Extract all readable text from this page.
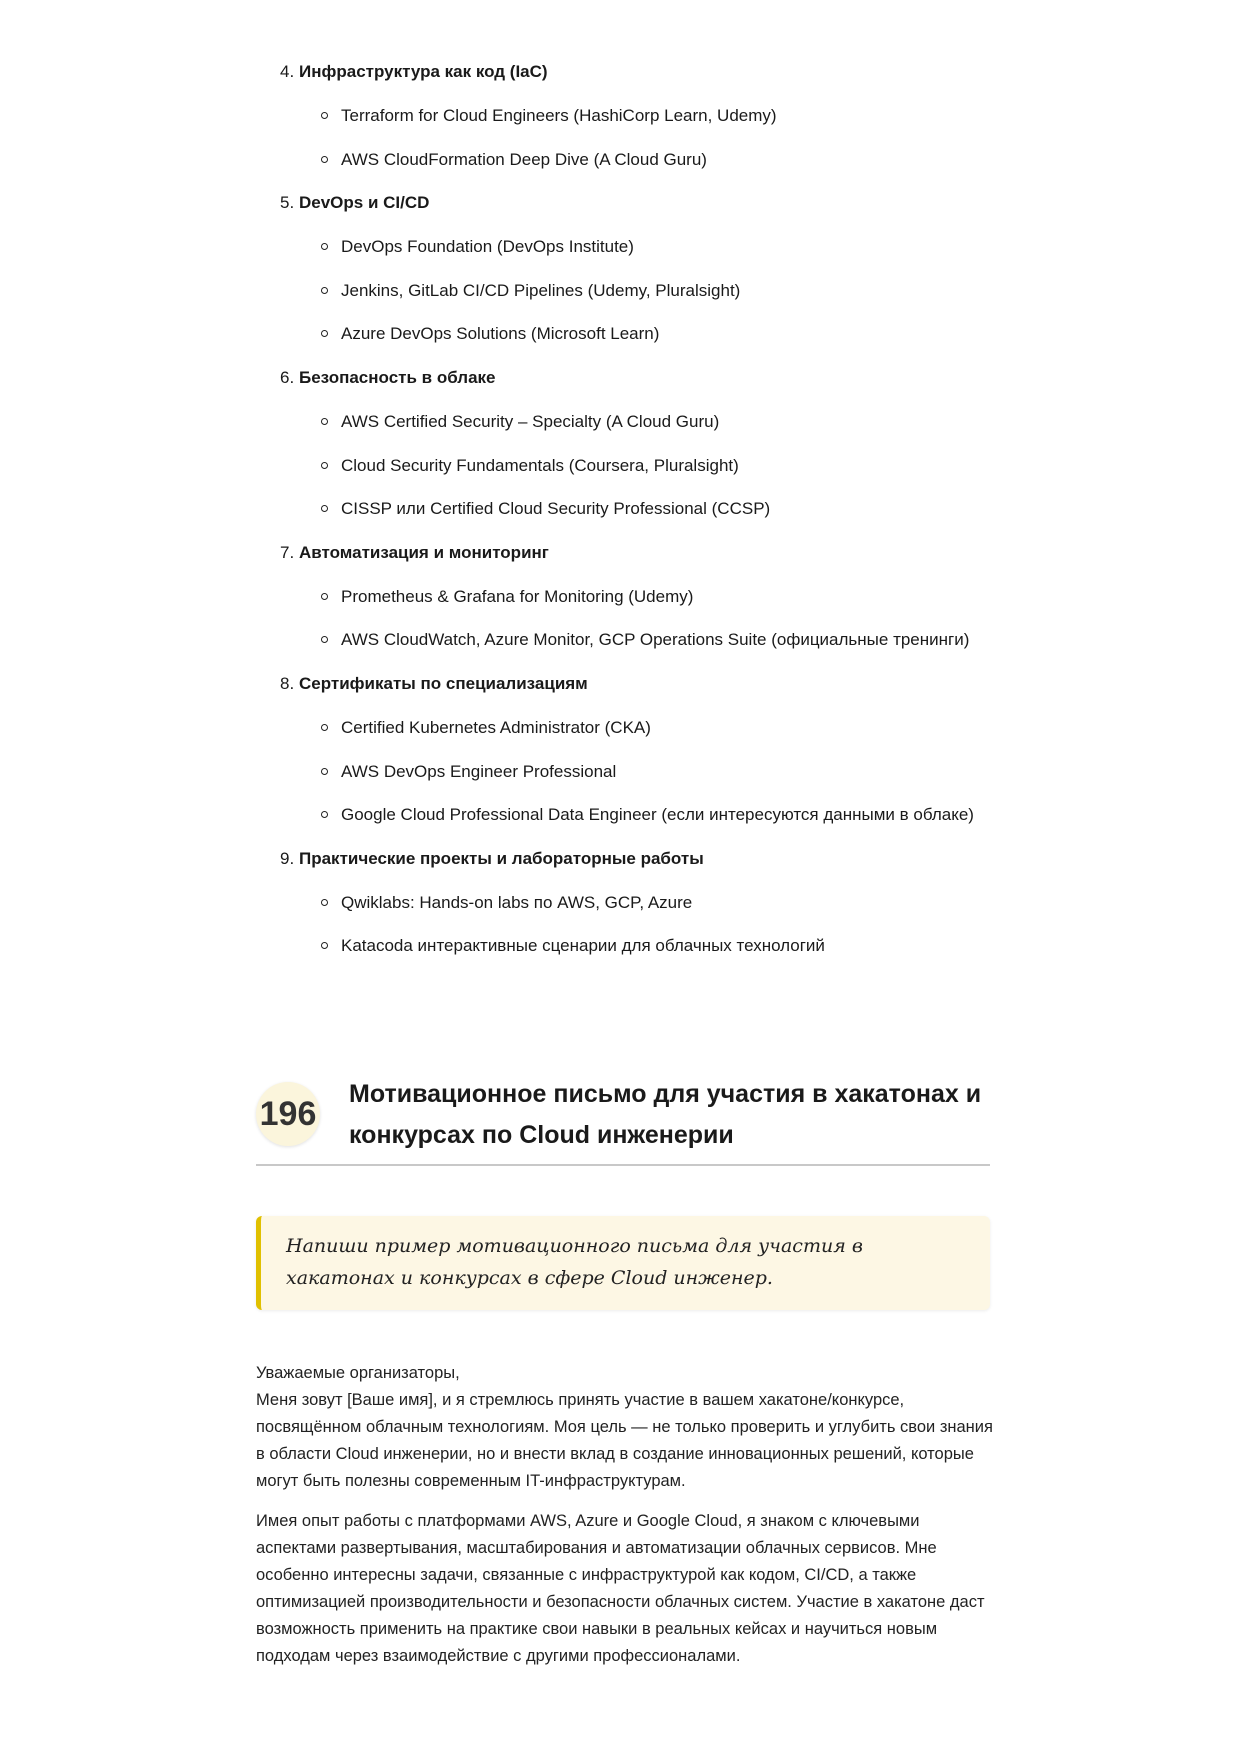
4. Инфраструктура как код (IaC)
Terraform for Cloud Engineers (HashiCorp Learn, Udemy)
AWS CloudFormation Deep Dive (A Cloud Guru)
5. DevOps и CI/CD
DevOps Foundation (DevOps Institute)
Jenkins, GitLab CI/CD Pipelines (Udemy, Pluralsight)
Azure DevOps Solutions (Microsoft Learn)
6. Безопасность в облаке
AWS Certified Security – Specialty (A Cloud Guru)
Cloud Security Fundamentals (Coursera, Pluralsight)
CISSP или Certified Cloud Security Professional (CCSP)
7. Автоматизация и мониторинг
Prometheus & Grafana for Monitoring (Udemy)
AWS CloudWatch, Azure Monitor, GCP Operations Suite (официальные тренинги)
8. Сертификаты по специализациям
Certified Kubernetes Administrator (CKA)
AWS DevOps Engineer Professional
Google Cloud Professional Data Engineer (если интересуются данными в облаке)
9. Практические проекты и лабораторные работы
Qwiklabs: Hands-on labs по AWS, GCP, Azure
Katacoda интерактивные сценарии для облачных технологий
196
Мотивационное письмо для участия в хакатонах и конкурсах по Cloud инженерии
Напиши пример мотивационного письма для участия в хакатонах и конкурсах в сфере Cloud инженер.

Уважаемые организаторы,
Меня зовут [Ваше имя], и я стремлюсь принять участие в вашем хакатоне/конкурсе, посвящённом облачным технологиям. Моя цель — не только проверить и углубить свои знания в области Cloud инженерии, но и внести вклад в создание инновационных решений, которые могут быть полезны современным IT-инфраструктурам.

Имея опыт работы с платформами AWS, Azure и Google Cloud, я знаком с ключевыми аспектами развертывания, масштабирования и автоматизации облачных сервисов. Мне особенно интересны задачи, связанные с инфраструктурой как кодом, CI/CD, а также оптимизацией производительности и безопасности облачных систем. Участие в хакатоне даст возможность применить на практике свои навыки в реальных кейсах и научиться новым подходам через взаимодействие с другими профессионалами.
